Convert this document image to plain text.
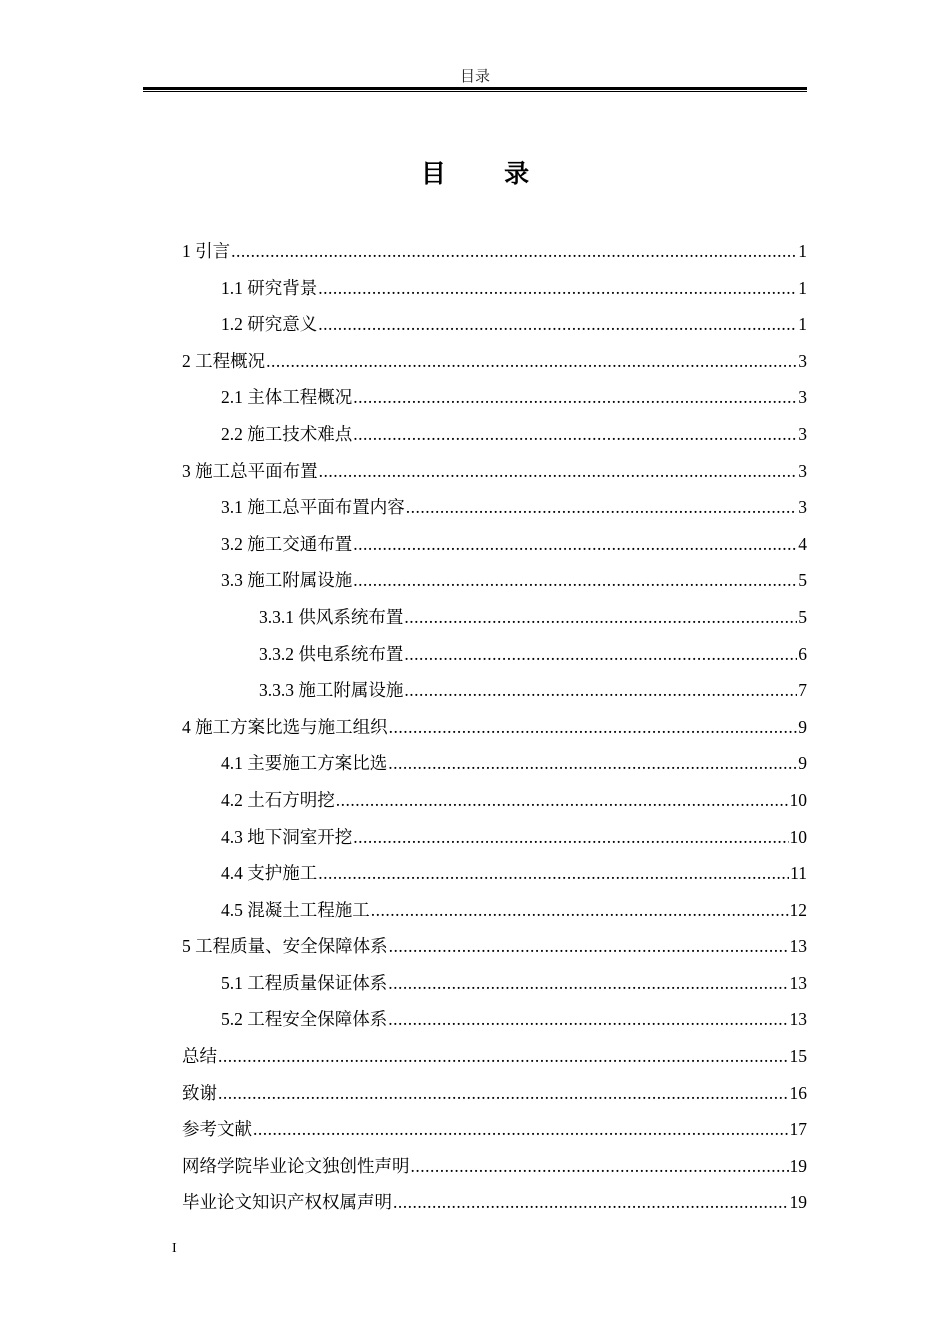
目录
目 录
1 引言 .....	1
1.1 研究背景 .....	1
1.2 研究意义 .....	1
2 工程概况 .....	3
2.1 主体工程概况 .....	3
2.2 施工技术难点 .....	3
3 施工总平面布置 .....	3
3.1 施工总平面布置内容 .....	3
3.2 施工交通布置 .....	4
3.3 施工附属设施 .....	5
3.3.1 供风系统布置 .....	5
3.3.2 供电系统布置 .....	6
3.3.3 施工附属设施 .....	7
4 施工方案比选与施工组织 .....	9
4.1 主要施工方案比选 .....	9
4.2 土石方明挖 .....	10
4.3 地下洞室开挖 .....	10
4.4 支护施工 .....	11
4.5 混凝土工程施工 .....	12
5 工程质量、安全保障体系 .....	13
5.1 工程质量保证体系 .....	13
5.2 工程安全保障体系 .....	13
总结 .....	15
致谢 .....	16
参考文献 .....	17
网络学院毕业论文独创性声明 .....	19
毕业论文知识产权权属声明 .....	19
I
